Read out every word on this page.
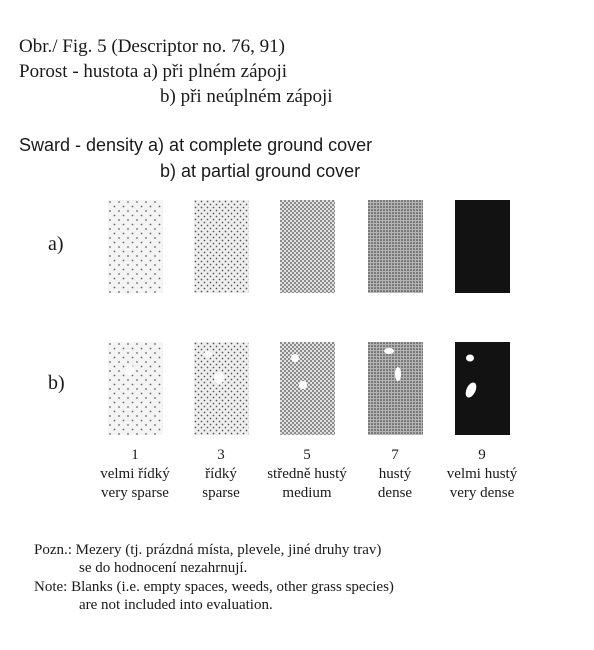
Obr./ Fig. 5 (Descriptor no. 76, 91)
Porost - hustota a) při plném zápoji
b) při neúplném zápoji
Sward - density a) at complete ground cover
b) at partial ground cover
a)
b)
1
velmi řídký
very sparse
3
řídký
sparse
5
středně hustý
medium
7
hustý
dense
9
velmi hustý
very dense
Pozn.: Mezery (tj. prázdná místa, plevele, jiné druhy trav)
se do hodnocení nezahrnují.
Note: Blanks (i.e. empty spaces, weeds, other grass species)
are not included into evaluation.
